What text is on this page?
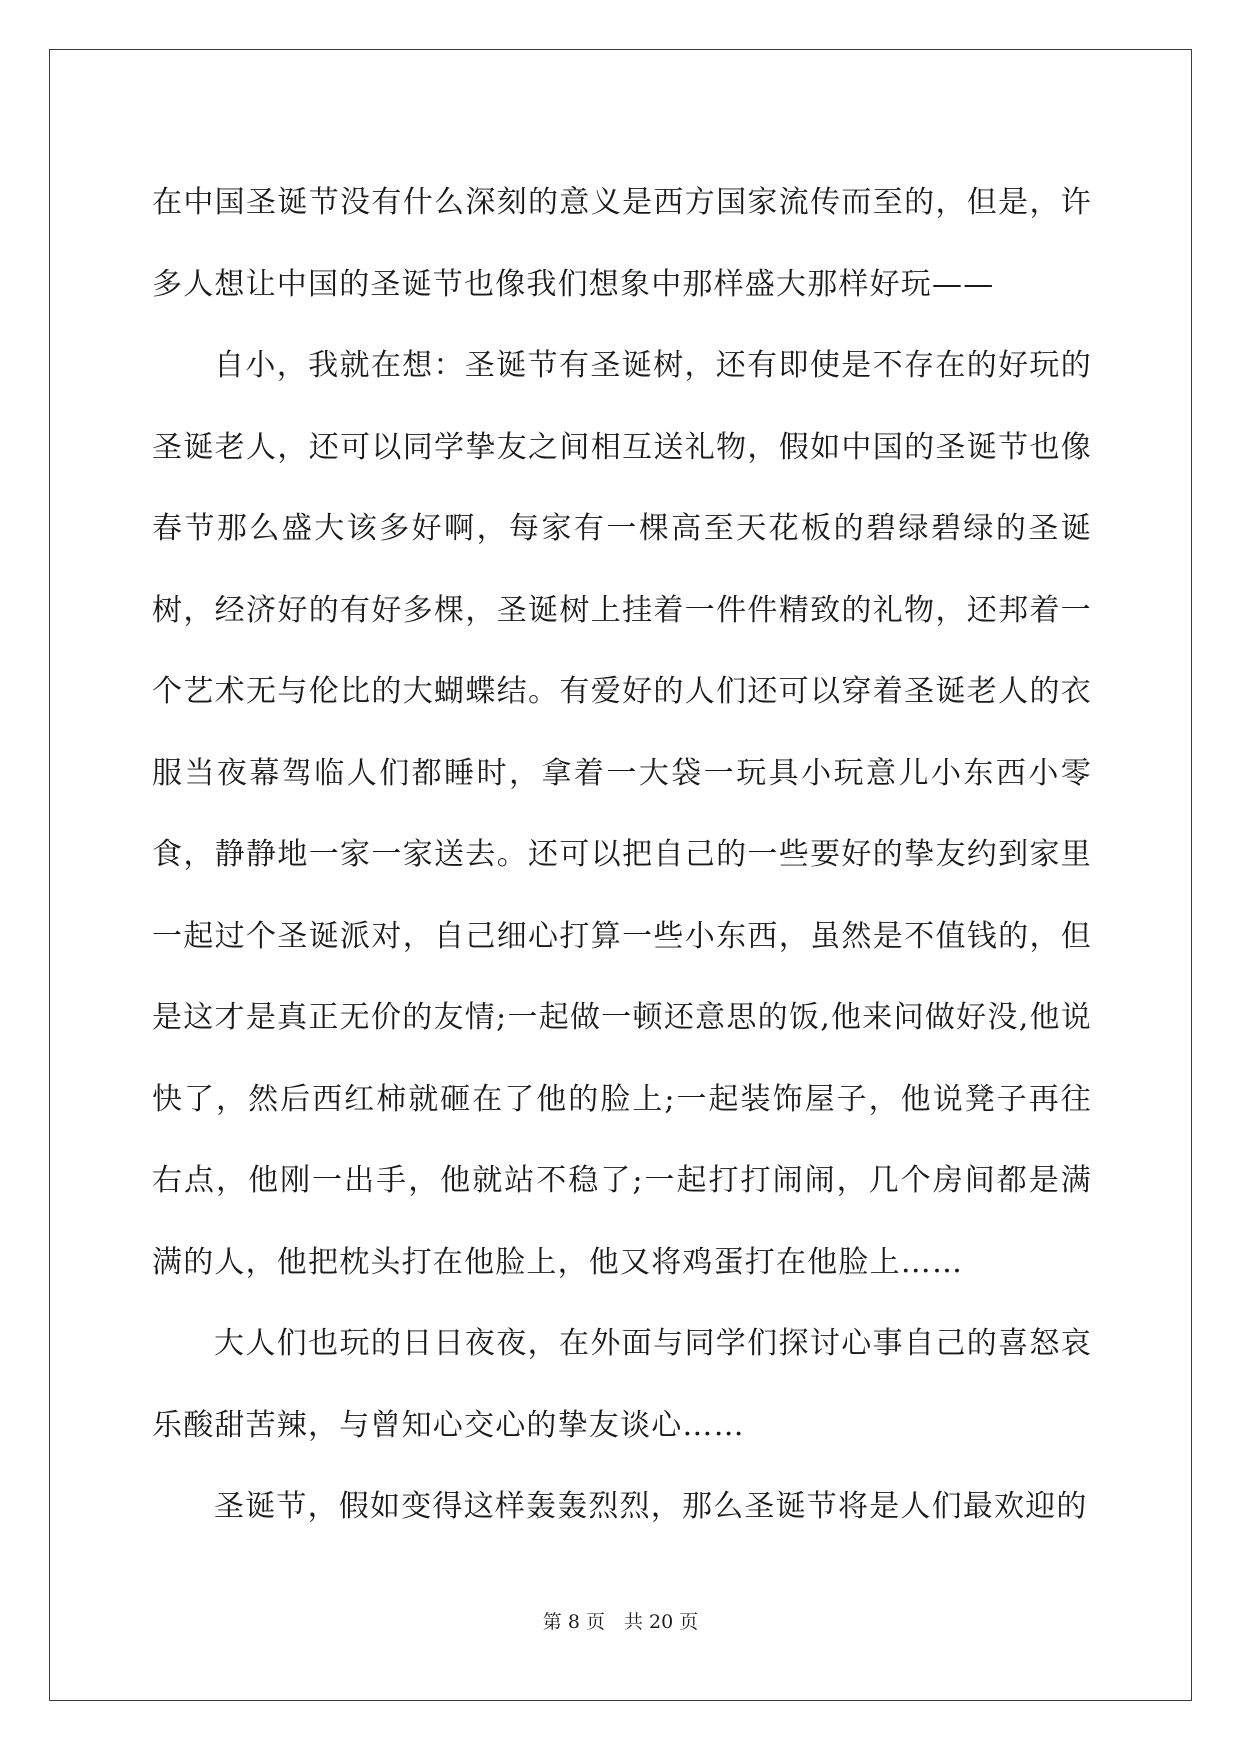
在中国圣诞节没有什么深刻的意义是西方国家流传而至的，但是，许多人想让中国的圣诞节也像我们想象中那样盛大那样好玩——

自小，我就在想：圣诞节有圣诞树，还有即使是不存在的好玩的圣诞老人，还可以同学挚友之间相互送礼物，假如中国的圣诞节也像春节那么盛大该多好啊，每家有一棵高至天花板的碧绿碧绿的圣诞树，经济好的有好多棵，圣诞树上挂着一件件精致的礼物，还邦着一个艺术无与伦比的大蝴蝶结。有爱好的人们还可以穿着圣诞老人的衣服当夜幕驾临人们都睡时，拿着一大袋一玩具小玩意儿小东西小零食，静静地一家一家送去。还可以把自己的一些要好的挚友约到家里一起过个圣诞派对，自己细心打算一些小东西，虽然是不值钱的，但是这才是真正无价的友情;一起做一顿还意思的饭,他来问做好没,他说快了，然后西红柿就砸在了他的脸上;一起装饰屋子，他说凳子再往右点，他刚一出手，他就站不稳了;一起打打闹闹，几个房间都是满满的人，他把枕头打在他脸上，他又将鸡蛋打在他脸上……

大人们也玩的日日夜夜，在外面与同学们探讨心事自己的喜怒哀乐酸甜苦辣，与曾知心交心的挚友谈心……

圣诞节，假如变得这样轰轰烈烈，那么圣诞节将是人们最欢迎的

第 8 页　共 20 页
